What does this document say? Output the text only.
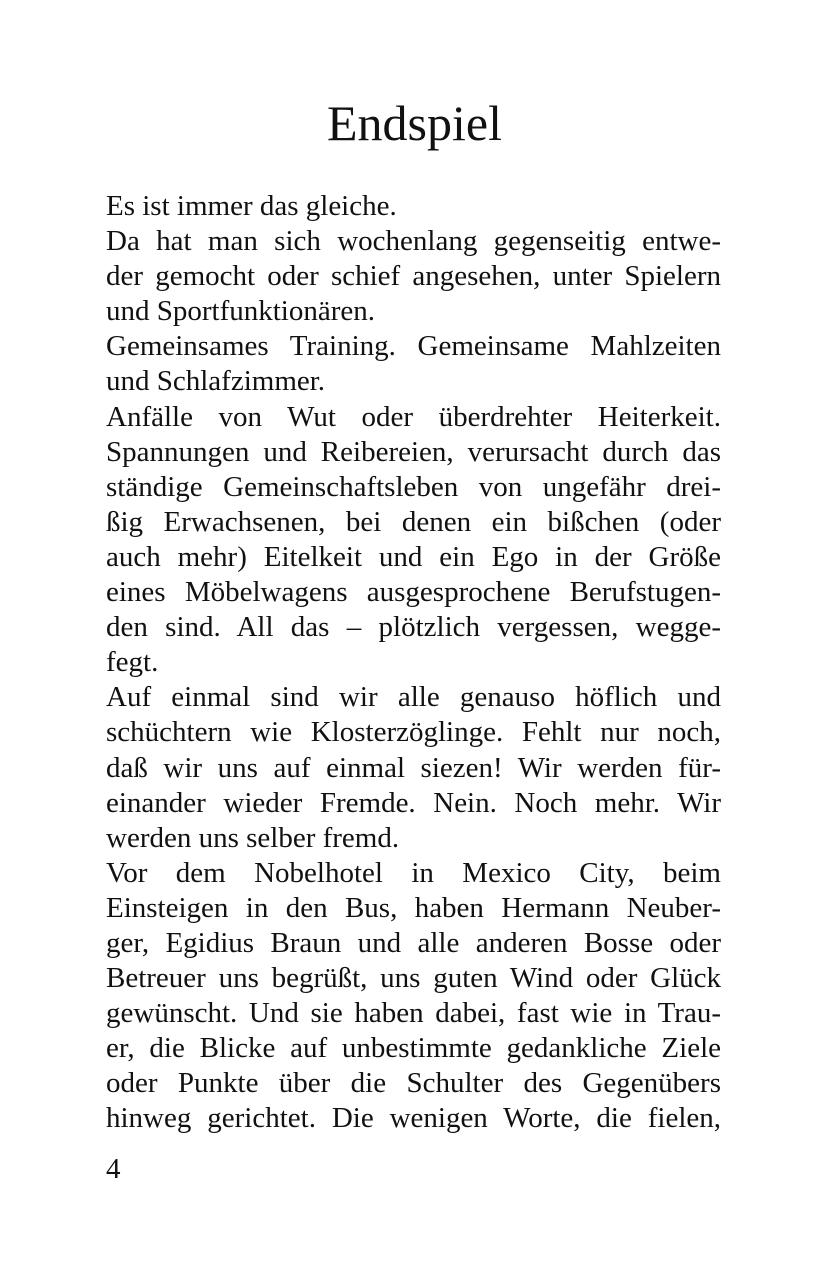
Endspiel
Es ist immer das gleiche.
Da hat man sich wochenlang gegenseitig entwe-
der gemocht oder schief angesehen, unter Spielern
und Sportfunktionären.
Gemeinsames Training. Gemeinsame Mahlzeiten
und Schlafzimmer.
Anfälle von Wut oder überdrehter Heiterkeit.
Spannungen und Reibereien, verursacht durch das
ständige Gemeinschaftsleben von ungefähr drei-
ßig Erwachsenen, bei denen ein bißchen (oder
auch mehr) Eitelkeit und ein Ego in der Größe
eines Möbelwagens ausgesprochene Berufstugen-
den sind. All das – plötzlich vergessen, wegge-
fegt.
Auf einmal sind wir alle genauso höflich und
schüchtern wie Klosterzöglinge. Fehlt nur noch,
daß wir uns auf einmal siezen! Wir werden für-
einander wieder Fremde. Nein. Noch mehr. Wir
werden uns selber fremd.
Vor dem Nobelhotel in Mexico City, beim
Einsteigen in den Bus, haben Hermann Neuber-
ger, Egidius Braun und alle anderen Bosse oder
Betreuer uns begrüßt, uns guten Wind oder Glück
gewünscht. Und sie haben dabei, fast wie in Trau-
er, die Blicke auf unbestimmte gedankliche Ziele
oder Punkte über die Schulter des Gegenübers
hinweg gerichtet. Die wenigen Worte, die fielen,
4
